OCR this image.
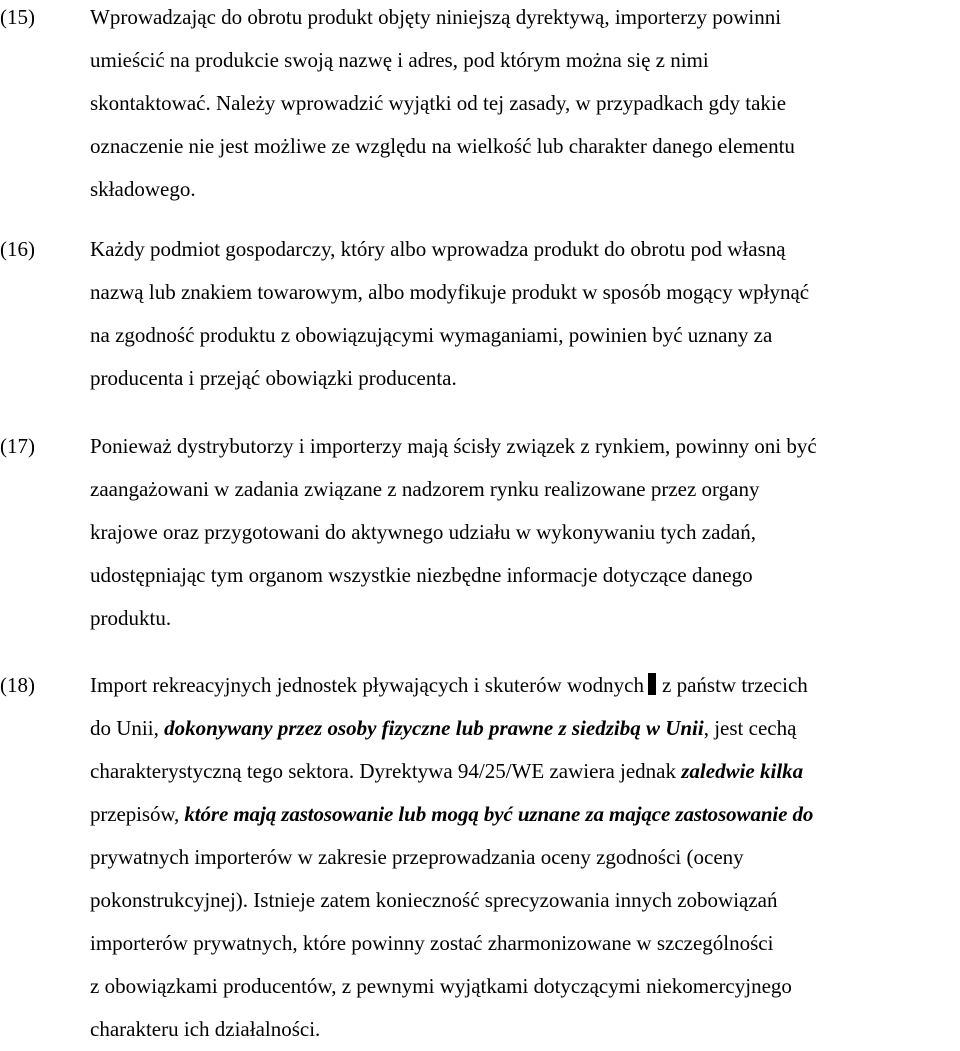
(15)	Wprowadzając do obrotu produkt objęty niniejszą dyrektywą, importerzy powinni
umieścić na produkcie swoją nazwę i adres, pod którym można się z nimi
skontaktować. Należy wprowadzić wyjątki od tej zasady, w przypadkach gdy takie
oznaczenie nie jest możliwe ze względu na wielkość lub charakter danego elementu
składowego.
(16)	Każdy podmiot gospodarczy, który albo wprowadza produkt do obrotu pod własną
nazwą lub znakiem towarowym, albo modyfikuje produkt w sposób mogący wpłynąć
na zgodność produktu z obowiązującymi wymaganiami, powinien być uznany za
producenta i przejąć obowiązki producenta.
(17)	Ponieważ dystrybutorzy i importerzy mają ścisły związek z rynkiem, powinny oni być
zaangażowani w zadania związane z nadzorem rynku realizowane przez organy
krajowe oraz przygotowani do aktywnego udziału w wykonywaniu tych zadań,
udostępniając tym organom wszystkie niezbędne informacje dotyczące danego
produktu.
(18)	Import rekreacyjnych jednostek pływających i skuterów wodnych z państw trzecich
do Unii, dokonywany przez osoby fizyczne lub prawne z siedzibą w Unii, jest cechą
charakterystyczną tego sektora. Dyrektywa 94/25/WE zawiera jednak zaledwie kilka
przepisów, które mają zastosowanie lub mogą być uznane za mające zastosowanie do
prywatnych importerów w zakresie przeprowadzania oceny zgodności (oceny
pokonstrukcyjnej). Istnieje zatem konieczność sprecyzowania innych zobowiązań
importerów prywatnych, które powinny zostać zharmonizowane w szczególności
z obowiązkami producentów, z pewnymi wyjątkami dotyczącymi niekomercyjnego
charakteru ich działalności.
